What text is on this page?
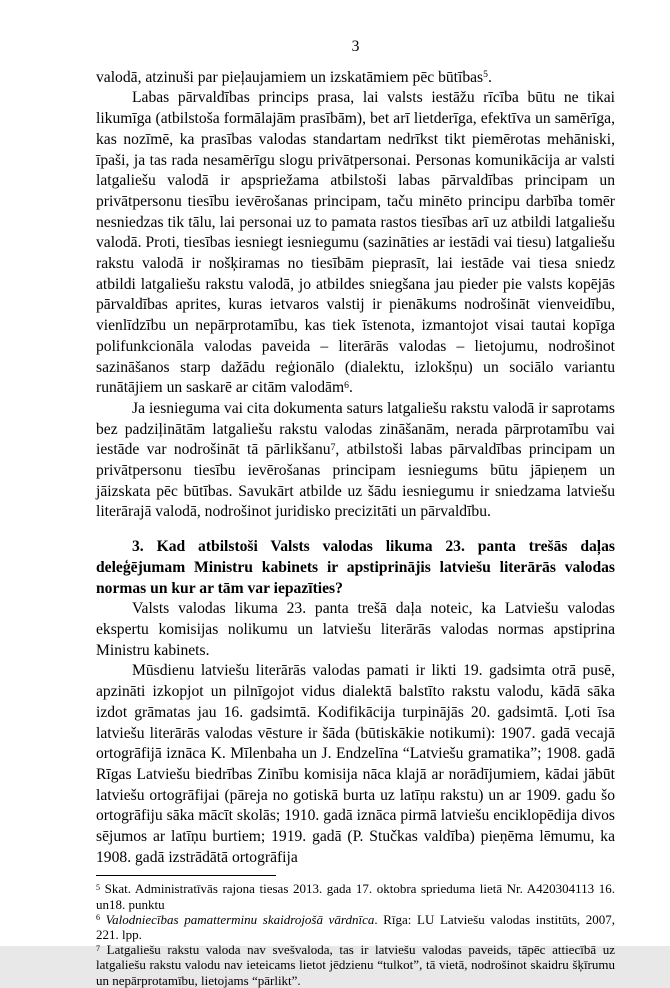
3

valodā, atzinuši par pieļaujamiem un izskatāmiem pēc būtības$^5$.

Labas pārvaldības princips prasa, lai valsts iestāžu rīcība būtu ne tikai likumīga (atbilstoša formālajām prasībām), bet arī lietderīga, efektīva un samērīga, kas nozīmē, ka prasības valodas standartam nedrīkst tikt piemērotas mehāniski, īpaši, ja tas rada nesamērīgu slogu privātpersonai. Personas komunikācija ar valsti latgaliešu valodā ir apspriežama atbilstoši labas pārvaldības principam un privātpersonu tiesību ievērošanas principam, taču minēto principu darbība tomēr nesniedzas tik tālu, lai personai uz to pamata rastos tiesības arī uz atbildi latgaliešu valodā. Proti, tiesības iesniegt iesniegumu (sazināties ar iestādi vai tiesu) latgaliešu rakstu valodā ir nošķiramas no tiesībām pieprasīt, lai iestāde vai tiesa sniedz atbildi latgaliešu rakstu valodā, jo atbildes sniegšana jau pieder pie valsts kopējās pārvaldības aprites, kuras ietvaros valstij ir pienākums nodrošināt vienveidību, vienlīdzību un nepārprotamību, kas tiek īstenota, izmantojot visai tautai kopīga polifunkcionāla valodas paveida – literārās valodas – lietojumu, nodrošinot sazināšanos starp dažādu reģionālo (dialektu, izlokšņu) un sociālo variantu runātājiem un saskarē ar citām valodām$^6$.

Ja iesnieguma vai cita dokumenta saturs latgaliešu rakstu valodā ir saprotams bez padziļinātām latgaliešu rakstu valodas zināšanām, nerada pārprotamību vai iestāde var nodrošināt tā pārlikšanu$^7$, atbilstoši labas pārvaldības principam un privātpersonu tiesību ievērošanas principam iesniegums būtu jāpieņem un jāizskata pēc būtības. Savukārt atbilde uz šādu iesniegumu ir sniedzama latviešu literārajā valodā, nodrošinot juridisko precizitāti un pārvaldību.

3. Kad atbilstoši Valsts valodas likuma 23. panta trešās daļas deleģējumam Ministru kabinets ir apstiprinājis latviešu literārās valodas normas un kur ar tām var iepazīties?

Valsts valodas likuma 23. panta trešā daļa noteic, ka Latviešu valodas ekspertu komisijas nolikumu un latviešu literārās valodas normas apstiprina Ministru kabinets.

Mūsdienu latviešu literārās valodas pamati ir likti 19. gadsimta otrā pusē, apzināti izkopjot un pilnīgojot vidus dialektā balstīto rakstu valodu, kādā sāka izdot grāmatas jau 16. gadsimtā. Kodifikācija turpinājās 20. gadsimtā. Ļoti īsa latviešu literārās valodas vēsture ir šāda (būtiskākie notikumi): 1907. gadā vecajā ortogrāfijā iznāca K. Mīlenbaha un J. Endzelīna “Latviešu gramatika”; 1908. gadā Rīgas Latviešu biedrības Zinību komisija nāca klajā ar norādījumiem, kādai jābūt latviešu ortogrāfijai (pāreja no gotiskā burta uz latīņu rakstu) un ar 1909. gadu šo ortogrāfiju sāka mācīt skolās; 1910. gadā iznāca pirmā latviešu enciklopēdija divos sējumos ar latīņu burtiem; 1919. gadā (P. Stučkas valdība) pieņēma lēmumu, ka 1908. gadā izstrādātā ortogrāfija

$^5$ Skat. Administratīvās rajona tiesas 2013. gada 17. oktobra sprieduma lietā Nr. A420304113 16. un18. punktu

$^6$ Valodniecības pamatterminu skaidrojošā vārdnīca. Rīga: LU Latviešu valodas institūts, 2007, 221. lpp.

$^7$ Latgaliešu rakstu valoda nav svešvaloda, tas ir latviešu valodas paveids, tāpēc attiecībā uz latgaliešu rakstu valodu nav ieteicams lietot jēdzienu “tulkot”, tā vietā, nodrošinot skaidru šķīrumu un nepārprotamību, lietojams “pārlikt”.
